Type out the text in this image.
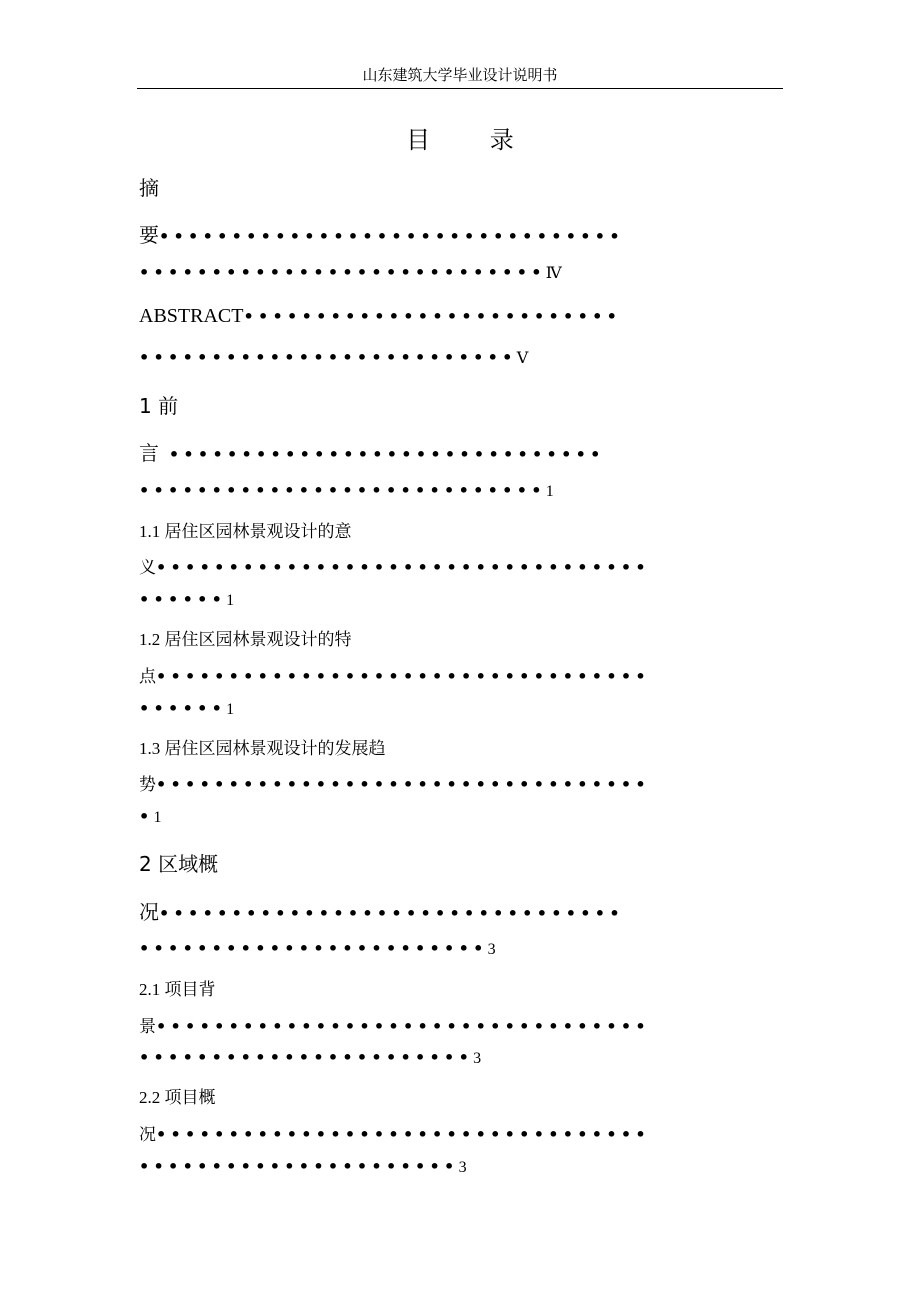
山东建筑大学毕业设计说明书
目 录
摘
要••••••••••••••••••••••••••••••••
••••••••••••••••••••••••••••Ⅳ
ABSTRACT••••••••••••••••••••••••••
••••••••••••••••••••••••••Ⅴ
1 前
言 ••••••••••••••••••••••••••••••
••••••••••••••••••••••••••••1
1.1 居住区园林景观设计的意
义••••••••••••••••••••••••••••••••••
••••••1
1.2 居住区园林景观设计的特
点••••••••••••••••••••••••••••••••••
••••••1
1.3 居住区园林景观设计的发展趋
势••••••••••••••••••••••••••••••••••
•1
2 区域概
况••••••••••••••••••••••••••••••••
••••••••••••••••••••••••3
2.1 项目背
景••••••••••••••••••••••••••••••••••
•••••••••••••••••••••••3
2.2 项目概
况••••••••••••••••••••••••••••••••••
••••••••••••••••••••••3
